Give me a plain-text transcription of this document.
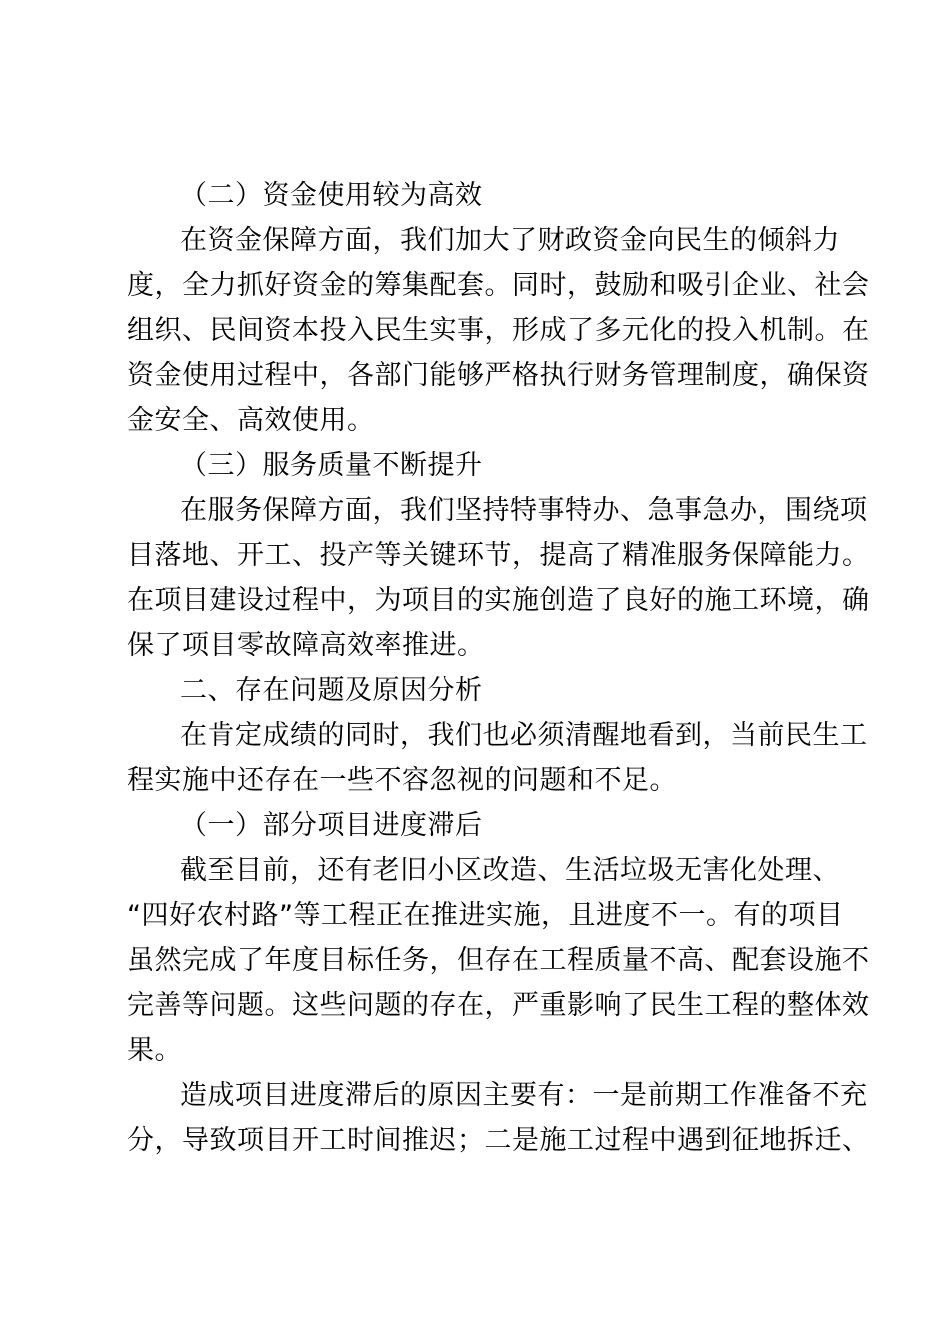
（二）资金使用较为高效
在资金保障方面，我们加大了财政资金向民生的倾斜力
度，全力抓好资金的筹集配套。同时，鼓励和吸引企业、社会
组织、民间资本投入民生实事，形成了多元化的投入机制。在
资金使用过程中，各部门能够严格执行财务管理制度，确保资
金安全、高效使用。
（三）服务质量不断提升
在服务保障方面，我们坚持特事特办、急事急办，围绕项
目落地、开工、投产等关键环节，提高了精准服务保障能力。
在项目建设过程中，为项目的实施创造了良好的施工环境，确
保了项目零故障高效率推进。
二、存在问题及原因分析
在肯定成绩的同时，我们也必须清醒地看到，当前民生工
程实施中还存在一些不容忽视的问题和不足。
（一）部分项目进度滞后
截至目前，还有老旧小区改造、生活垃圾无害化处理、
“四好农村路”等工程正在推进实施，且进度不一。有的项目
虽然完成了年度目标任务，但存在工程质量不高、配套设施不
完善等问题。这些问题的存在，严重影响了民生工程的整体效
果。
造成项目进度滞后的原因主要有：一是前期工作准备不充
分，导致项目开工时间推迟；二是施工过程中遇到征地拆迁、
